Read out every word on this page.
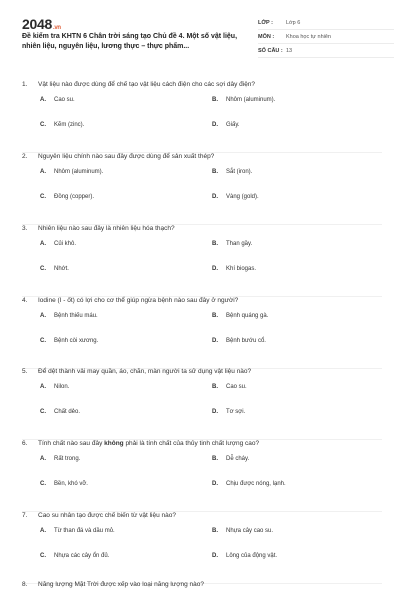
2048.vn
Đề kiểm tra KHTN 6 Chân trời sáng tạo Chủ đề 4. Một số vật liệu, nhiên liệu, nguyên liệu, lương thực – thực phẩm...
LỚP :	Lớp 6
MÔN :	Khoa học tự nhiên
SỐ CÂU : 13
1.	Vật liệu nào được dùng để chế tạo vật liệu cách điện cho các sợi dây điện?
A.	Cao su.	B.	Nhôm (aluminum).
C.	Kẽm (zinc).	D.	Giấy.
2.	Nguyên liệu chính nào sau đây được dùng để sản xuất thép?
A.	Nhôm (aluminum).	B.	Sắt (iron).
C.	Đồng (copper).	D.	Vàng (gold).
3.	Nhiên liệu nào sau đây là nhiên liệu hóa thạch?
A.	Củi khô.	B.	Than gầy.
C.	Nhớt.	D.	Khí biogas.
4.	Iodine (I - ốt) có lợi cho cơ thể giúp ngừa bệnh nào sau đây ở người?
A.	Bệnh thiếu máu.	B.	Bệnh quáng gà.
C.	Bệnh còi xương.	D.	Bệnh bướu cổ.
5.	Để dệt thành vải may quần, áo, chăn, màn người ta sử dụng vật liệu nào?
A.	Nilon.	B.	Cao su.
C.	Chất dẻo.	D.	Tơ sợi.
6.	Tính chất nào sau đây không phải là tính chất của thủy tinh chất lượng cao?
A.	Rất trong.	B.	Dễ cháy.
C.	Bền, khó vỡ.	D.	Chịu được nóng, lạnh.
7.	Cao su nhân tạo được chế biến từ vật liệu nào?
A.	Từ than đá và dầu mỏ.	B.	Nhựa cây cao su.
C.	Nhựa các cây ổn đủ.	D.	Lông của động vật.
8.	Năng lượng Mặt Trời được xếp vào loại năng lượng nào?
